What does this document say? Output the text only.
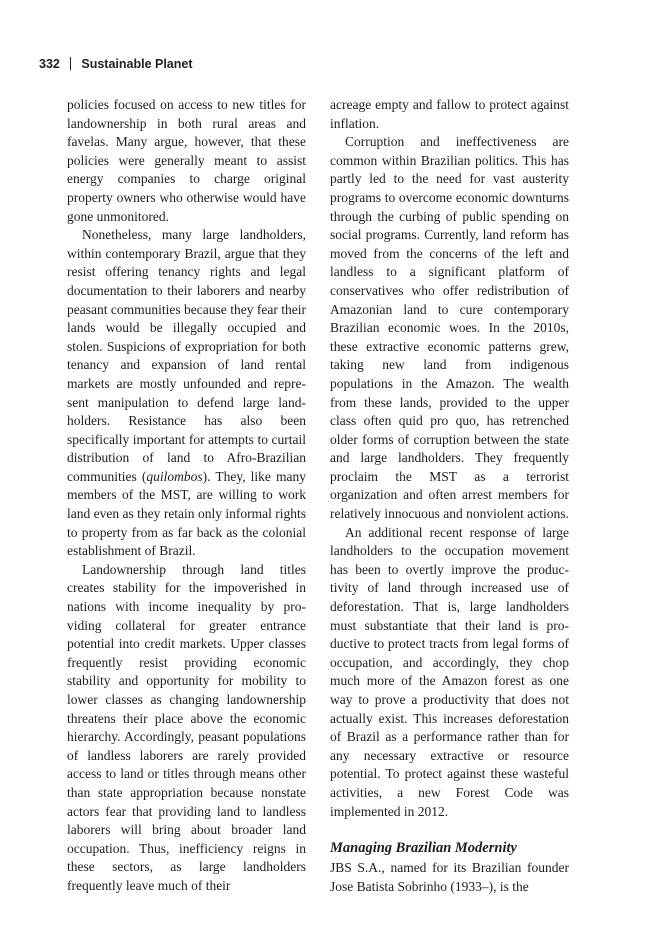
332 Sustainable Planet

policies focused on access to new titles for landownership in both rural areas and favelas. Many argue, however, that these policies were generally meant to assist energy companies to charge original property owners who otherwise would have gone unmonitored.

Nonetheless, many large landholders, within contemporary Brazil, argue that they resist offering tenancy rights and legal documentation to their laborers and nearby peasant communities because they fear their lands would be illegally occupied and stolen. Suspicions of expropriation for both tenancy and expansion of land rental markets are mostly unfounded and represent manipulation to defend large landholders. Resistance has also been specifically important for attempts to curtail distribution of land to Afro-Brazilian communities (quilombos). They, like many members of the MST, are willing to work land even as they retain only informal rights to property from as far back as the colonial establishment of Brazil.

Landownership through land titles creates stability for the impoverished in nations with income inequality by providing collateral for greater entrance potential into credit markets. Upper classes frequently resist providing economic stability and opportunity for mobility to lower classes as changing landownership threatens their place above the economic hierarchy. Accordingly, peasant populations of landless laborers are rarely provided access to land or titles through means other than state appropriation because nonstate actors fear that providing land to landless laborers will bring about broader land occupation. Thus, inefficiency reigns in these sectors, as large landholders frequently leave much of their

acreage empty and fallow to protect against inflation.

Corruption and ineffectiveness are common within Brazilian politics. This has partly led to the need for vast austerity programs to overcome economic downturns through the curbing of public spending on social programs. Currently, land reform has moved from the concerns of the left and landless to a significant platform of conservatives who offer redistribution of Amazonian land to cure contemporary Brazilian economic woes. In the 2010s, these extractive economic patterns grew, taking new land from indigenous populations in the Amazon. The wealth from these lands, provided to the upper class often quid pro quo, has retrenched older forms of corruption between the state and large landholders. They frequently proclaim the MST as a terrorist organization and often arrest members for relatively innocuous and nonviolent actions.

An additional recent response of large landholders to the occupation movement has been to overtly improve the productivity of land through increased use of deforestation. That is, large landholders must substantiate that their land is productive to protect tracts from legal forms of occupation, and accordingly, they chop much more of the Amazon forest as one way to prove a productivity that does not actually exist. This increases deforestation of Brazil as a performance rather than for any necessary extractive or resource potential. To protect against these wasteful activities, a new Forest Code was implemented in 2012.

Managing Brazilian Modernity

JBS S.A., named for its Brazilian founder Jose Batista Sobrinho (1933–), is the
